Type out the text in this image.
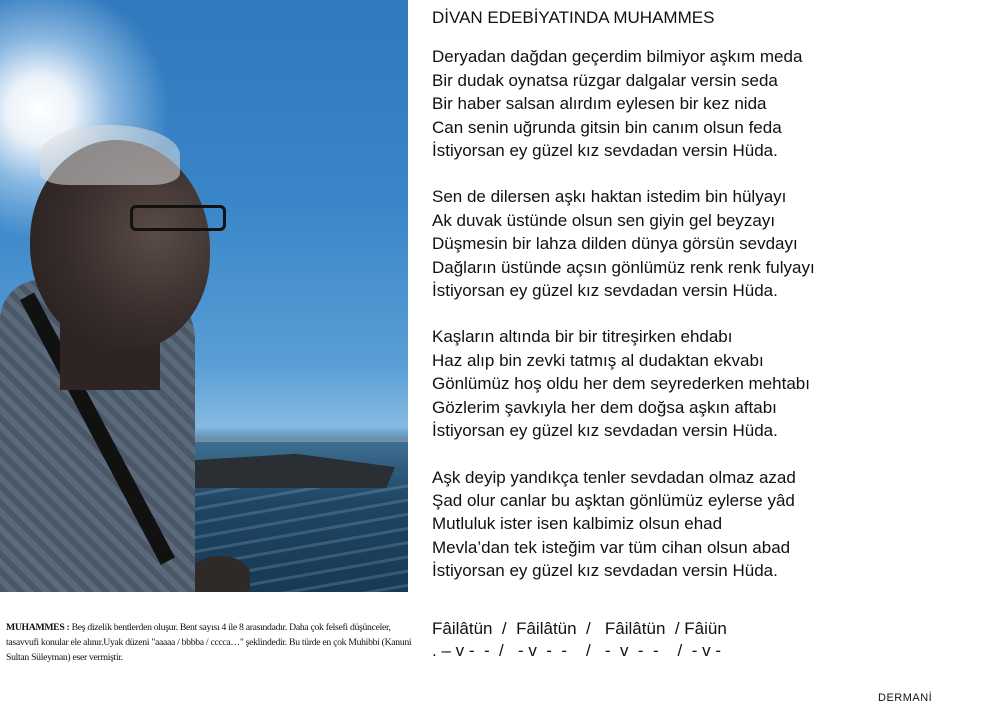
MUHAMMES : Beş dizelik bentlerden oluşur. Bent sayısı 4 ile 8 arasındadır. Daha çok felsefi düşünceler, tasavvufi konular ele alınır.Uyak düzeni "aaaaa / bbbba / cccca…" şeklindedir. Bu türde en çok Muhibbi (Kanuni Sultan Süleyman) eser vermiştir.
DİVAN EDEBİYATINDA MUHAMMES
Deryadan dağdan geçerdim bilmiyor aşkım meda
Bir dudak oynatsa rüzgar dalgalar versin seda
Bir haber salsan alırdım eylesen bir kez nida
Can senin uğrunda gitsin bin canım olsun feda
İstiyorsan ey güzel kız sevdadan versin Hüda.
Sen de dilersen aşkı haktan istedim bin hülyayı
Ak duvak üstünde olsun sen giyin gel beyzayı
Düşmesin bir lahza dilden dünya görsün sevdayı
Dağların üstünde açsın gönlümüz renk renk fulyayı
İstiyorsan ey güzel kız sevdadan versin Hüda.
Kaşların altında bir bir titreşirken ehdabı
Haz alıp bin zevki tatmış al dudaktan ekvabı
Gönlümüz hoş oldu her dem seyrederken mehtabı
Gözlerim şavkıyla her dem doğsa aşkın aftabı
İstiyorsan ey güzel kız sevdadan versin Hüda.
Aşk deyip yandıkça tenler sevdadan olmaz azad
Şad olur canlar bu aşktan gönlümüz eylerse yâd
Mutluluk ister isen kalbimiz olsun ehad
Mevla’dan tek isteğim var tüm cihan olsun abad
İstiyorsan ey güzel kız sevdadan versin Hüda.
Fâilâtün  /  Fâilâtün  /   Fâilâtün  / Fâiün
. – v -  -  /   - v  -  -    /   -  v  -  -    /  - v -
DERMANİ
